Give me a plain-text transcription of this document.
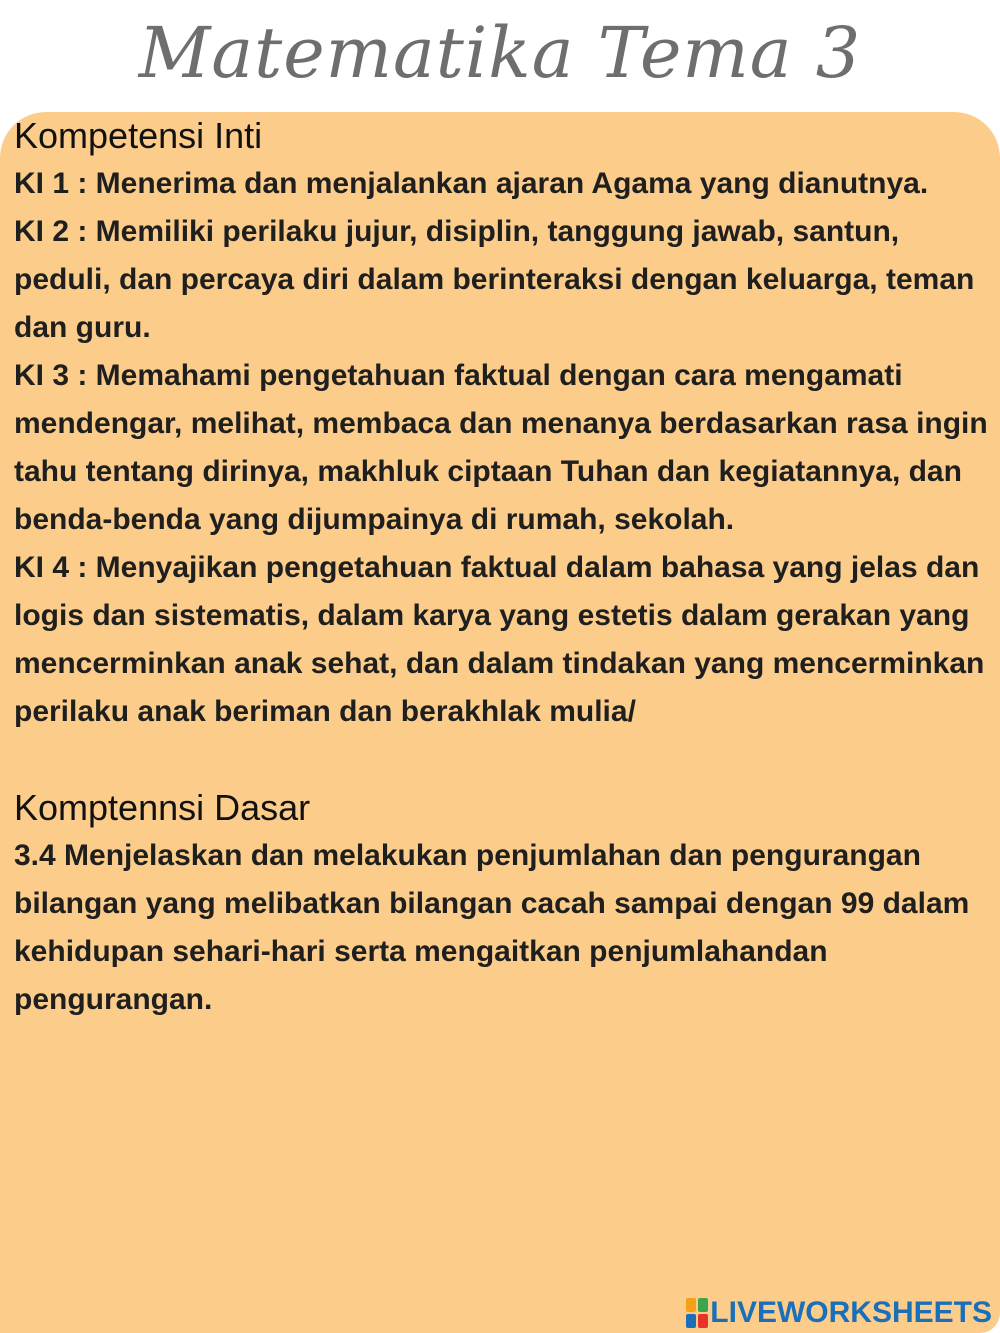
Matematika Tema 3
Kompetensi Inti

KI 1 : Menerima dan menjalankan ajaran Agama yang dianutnya.

KI 2 : Memiliki perilaku jujur, disiplin, tanggung jawab, santun, peduli, dan percaya diri dalam berinteraksi dengan keluarga, teman dan guru.

KI 3 : Memahami pengetahuan faktual dengan cara mengamati mendengar, melihat, membaca dan menanya berdasarkan rasa ingin tahu tentang dirinya, makhluk ciptaan Tuhan dan kegiatannya, dan benda-benda yang dijumpainya di rumah, sekolah.

KI 4 : Menyajikan pengetahuan faktual dalam bahasa yang jelas dan logis dan sistematis, dalam karya yang estetis dalam gerakan yang mencerminkan anak sehat, dan dalam tindakan yang mencerminkan perilaku anak beriman dan berakhlak mulia/

Komptennsi Dasar

3.4 Menjelaskan dan melakukan penjumlahan dan pengurangan bilangan yang melibatkan bilangan cacah sampai dengan 99 dalam kehidupan sehari-hari serta mengaitkan penjumlahandan pengurangan.

LIVEWORKSHEETS
